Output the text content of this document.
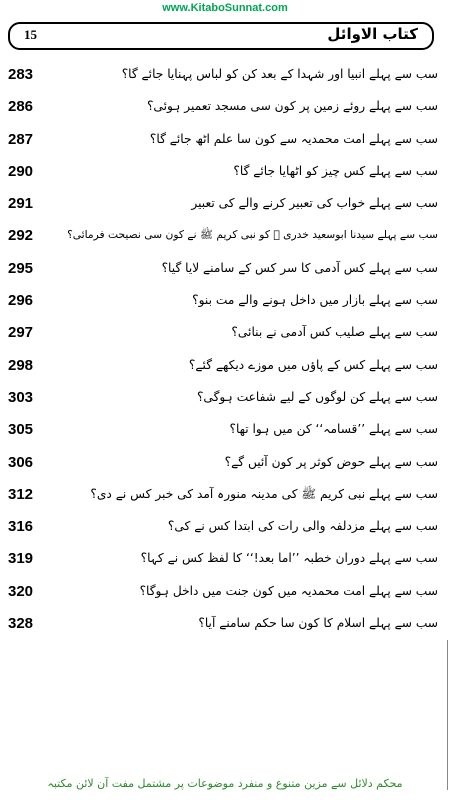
www.KitaboSunnat.com
15	کتاب الاوائل
283	سب سے پہلے انبیا اور شہدا کے بعد کن کو لباس پہنایا جائے گا؟
286	سب سے پہلے روئے زمین پر کون سی مسجد تعمیر ہوئی؟
287	سب سے پہلے امت محمدیہ سے کون سا علم اٹھ جائے گا؟
290	سب سے پہلے کس چیز کو اٹھایا جائے گا؟
291	سب سے پہلے خواب کی تعبیر کرنے والے کی تعبیر
292	سب سے پہلے سیدنا ابوسعید خدری ﷜ کو نبی کریم ﷺ نے کون سی نصیحت فرمائی؟
295	سب سے پہلے کس آدمی کا سر کس کے سامنے لایا گیا؟
296	سب سے پہلے بازار میں داخل ہونے والے مت بنو؟
297	سب سے پہلے صلیب کس آدمی نے بنائی؟
298	سب سے پہلے کس کے پاؤں میں موزے دیکھے گئے؟
303	سب سے پہلے کن لوگوں کے لیے شفاعت ہوگی؟
305	سب سے پہلے ’’قسامہ‘‘ کن میں ہوا تھا؟
306	سب سے پہلے حوض کوثر پر کون آئیں گے؟
312	سب سے پہلے نبی کریم ﷺ کی مدینہ منورہ آمد کی خبر کس نے دی؟
316	سب سے پہلے مزدلفہ والی رات کی ابتدا کس نے کی؟
319	سب سے پہلے دوران خطبہ ’’اما بعد!‘‘ کا لفظ کس نے کہا؟
320	سب سے پہلے امت محمدیہ میں کون جنت میں داخل ہوگا؟
328	سب سے پہلے اسلام کا کون سا حکم سامنے آیا؟
محکم دلائل سے مزین متنوع و منفرد موضوعات پر مشتمل مفت آن لائن مکتبہ
